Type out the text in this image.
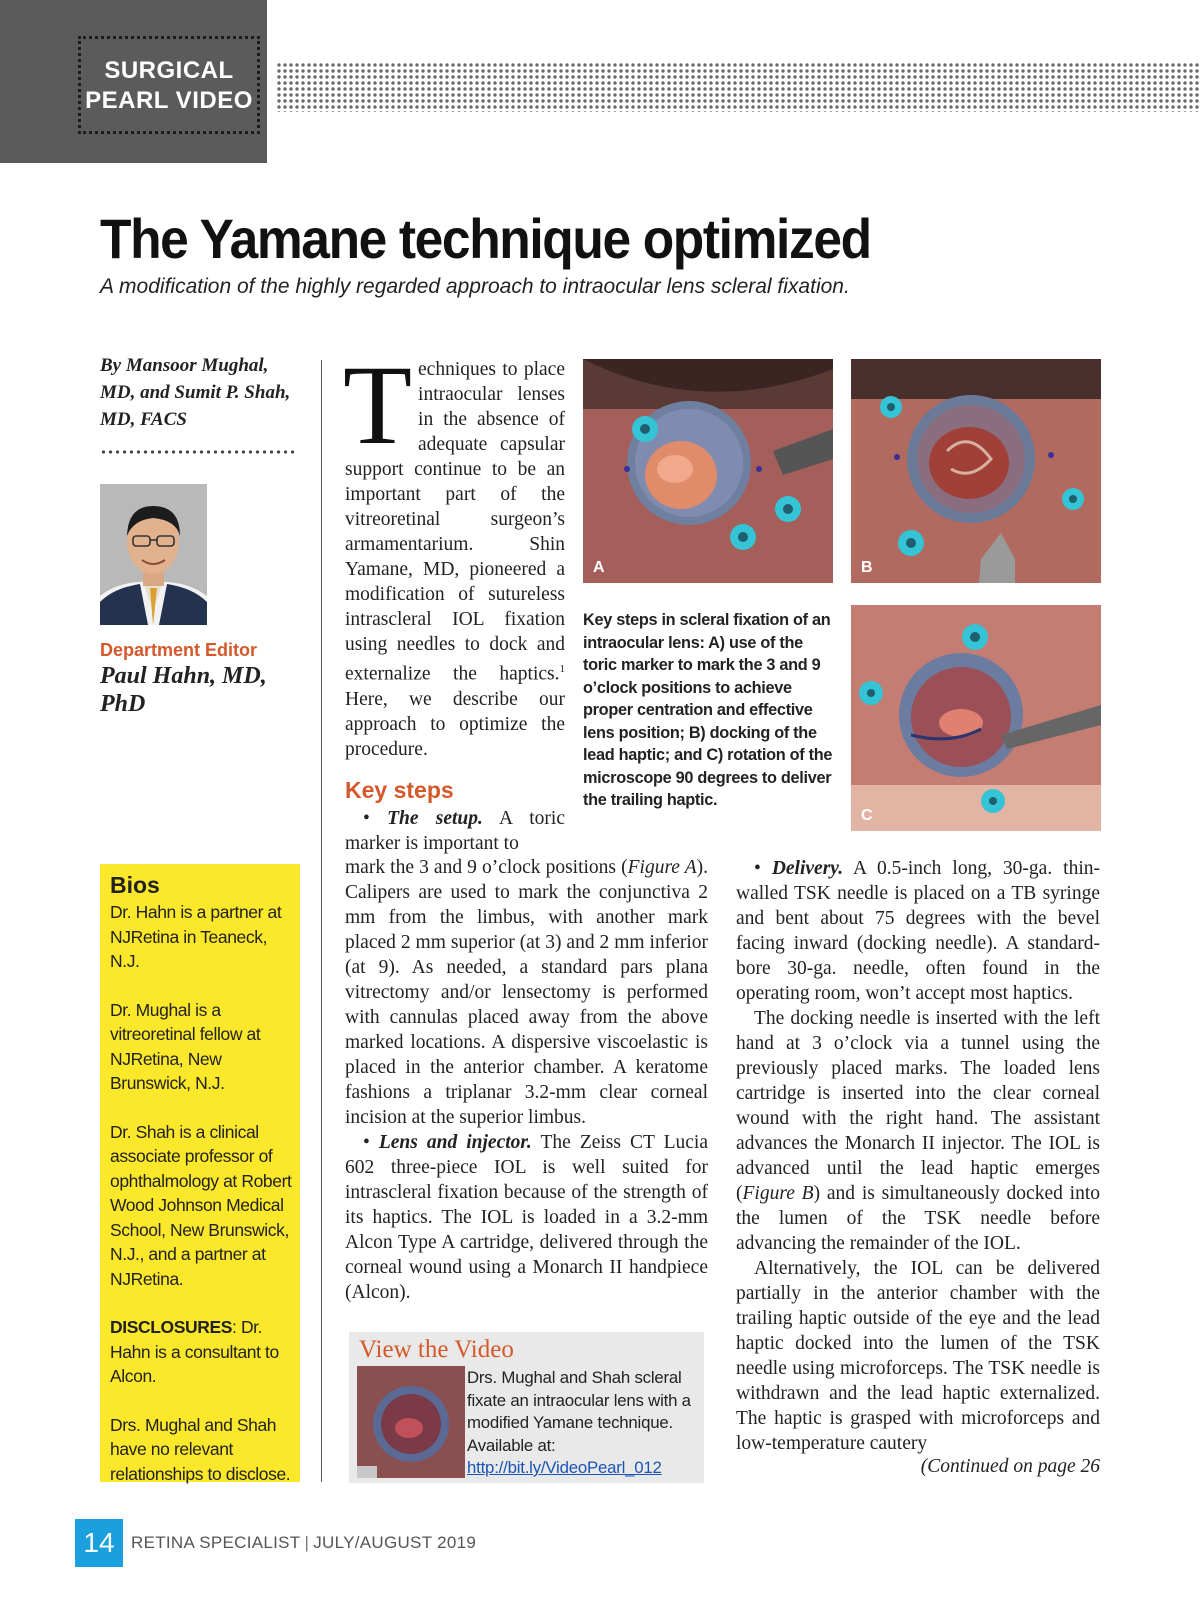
SURGICAL
PEARL VIDEO
The Yamane technique optimized

A modification of the highly regarded approach to intraocular lens scleral fixation.

By Mansoor Mughal, MD, and Sumit P. Shah, MD, FACS

Department Editor

Paul Hahn, MD, PhD

Bios

Dr. Hahn is a partner at NJRetina in Teaneck, N.J.

Dr. Mughal is a vitreoretinal fellow at NJRetina, New Brunswick, N.J.

Dr. Shah is a clinical associate professor of ophthalmology at Robert Wood Johnson Medical School, New Brunswick, N.J., and a partner at NJRetina.

DISCLOSURES: Dr. Hahn is a consultant to Alcon.

Drs. Mughal and Shah have no relevant relationships to disclose.

Techniques to place intraocular lenses in the absence of adequate capsular support continue to be an important part of the vitreoretinal surgeon’s armamentarium. Shin Yamane, MD, pioneered a modification of sutureless intrascleral IOL fixation using needles to dock and externalize the haptics.$^1$ Here, we describe our approach to optimize the procedure.

Key steps

• The setup. A toric marker is important to

mark the 3 and 9 o’clock positions (Figure A). Calipers are used to mark the conjunctiva 2 mm from the limbus, with another mark placed 2 mm superior (at 3) and 2 mm inferior (at 9). As needed, a standard pars plana vitrectomy and/or lensectomy is performed with cannulas placed away from the above marked locations. A dispersive viscoelastic is placed in the anterior chamber. A keratome fashions a triplanar 3.2-mm clear corneal incision at the superior limbus.

• Lens and injector. The Zeiss CT Lucia 602 three-piece IOL is well suited for intrascleral fixation because of the strength of its haptics. The IOL is loaded in a 3.2-mm Alcon Type A cartridge, delivered through the corneal wound using a Monarch II handpiece (Alcon).

A	B
C

Key steps in scleral fixation of an intraocular lens: A) use of the toric marker to mark the 3 and 9 o’clock positions to achieve proper centration and effective lens position; B) docking of the lead haptic; and C) rotation of the microscope 90 degrees to deliver the trailing haptic.

View the Video

Drs. Mughal and Shah scleral fixate an intraocular lens with a modified Yamane technique. Available at: http://bit.ly/VideoPearl_012

• Delivery. A 0.5-inch long, 30-ga. thin-walled TSK needle is placed on a TB syringe and bent about 75 degrees with the bevel facing inward (docking needle). A standard-bore 30-ga. needle, often found in the operating room, won’t accept most haptics.

The docking needle is inserted with the left hand at 3 o’clock via a tunnel using the previously placed marks. The loaded lens cartridge is inserted into the clear corneal wound with the right hand. The assistant advances the Monarch II injector. The IOL is advanced until the lead haptic emerges (Figure B) and is simultaneously docked into the lumen of the TSK needle before advancing the remainder of the IOL.

Alternatively, the IOL can be delivered partially in the anterior chamber with the trailing haptic outside of the eye and the lead haptic docked into the lumen of the TSK needle using microforceps. The TSK needle is withdrawn and the lead haptic externalized. The haptic is grasped with microforceps and low-temperature cautery

(Continued on page 26

14 RETINA SPECIALIST | JULY/AUGUST 2019
